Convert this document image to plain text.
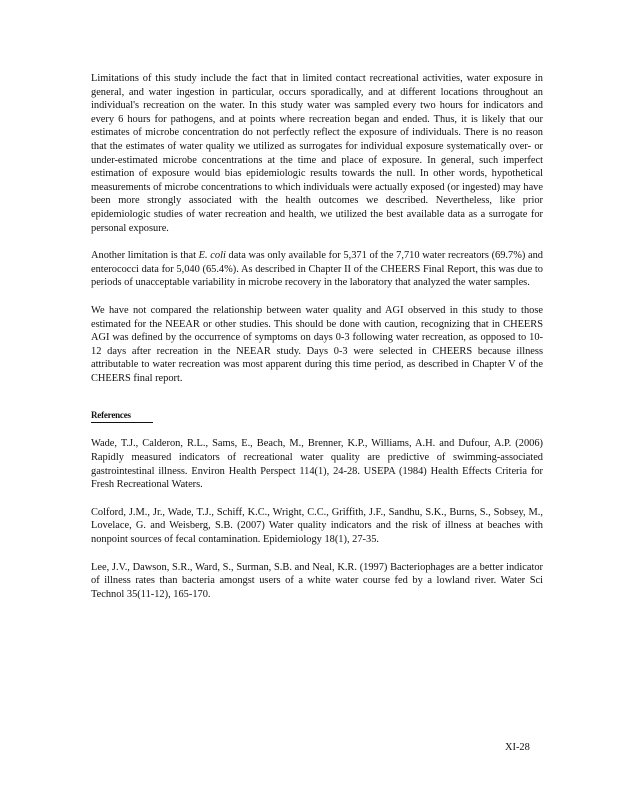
Limitations of this study include the fact that in limited contact recreational activities, water exposure in general, and water ingestion in particular, occurs sporadically, and at different locations throughout an individual's recreation on the water. In this study water was sampled every two hours for indicators and every 6 hours for pathogens, and at points where recreation began and ended. Thus, it is likely that our estimates of microbe concentration do not perfectly reflect the exposure of individuals. There is no reason that the estimates of water quality we utilized as surrogates for individual exposure systematically over- or under-estimated microbe concentrations at the time and place of exposure. In general, such imperfect estimation of exposure would bias epidemiologic results towards the null. In other words, hypothetical measurements of microbe concentrations to which individuals were actually exposed (or ingested) may have been more strongly associated with the health outcomes we described. Nevertheless, like prior epidemiologic studies of water recreation and health, we utilized the best available data as a surrogate for personal exposure.

Another limitation is that E. coli data was only available for 5,371 of the 7,710 water recreators (69.7%) and enterococci data for 5,040 (65.4%). As described in Chapter II of the CHEERS Final Report, this was due to periods of unacceptable variability in microbe recovery in the laboratory that analyzed the water samples.

We have not compared the relationship between water quality and AGI observed in this study to those estimated for the NEEAR or other studies. This should be done with caution, recognizing that in CHEERS AGI was defined by the occurrence of symptoms on days 0-3 following water recreation, as opposed to 10-12 days after recreation in the NEEAR study. Days 0-3 were selected in CHEERS because illness attributable to water recreation was most apparent during this time period, as described in Chapter V of the CHEERS final report.

References

Wade, T.J., Calderon, R.L., Sams, E., Beach, M., Brenner, K.P., Williams, A.H. and Dufour, A.P. (2006) Rapidly measured indicators of recreational water quality are predictive of swimming-associated gastrointestinal illness. Environ Health Perspect 114(1), 24-28. USEPA (1984) Health Effects Criteria for Fresh Recreational Waters.

Colford, J.M., Jr., Wade, T.J., Schiff, K.C., Wright, C.C., Griffith, J.F., Sandhu, S.K., Burns, S., Sobsey, M., Lovelace, G. and Weisberg, S.B. (2007) Water quality indicators and the risk of illness at beaches with nonpoint sources of fecal contamination. Epidemiology 18(1), 27-35.

Lee, J.V., Dawson, S.R., Ward, S., Surman, S.B. and Neal, K.R. (1997) Bacteriophages are a better indicator of illness rates than bacteria amongst users of a white water course fed by a lowland river. Water Sci Technol 35(11-12), 165-170.

XI-28
